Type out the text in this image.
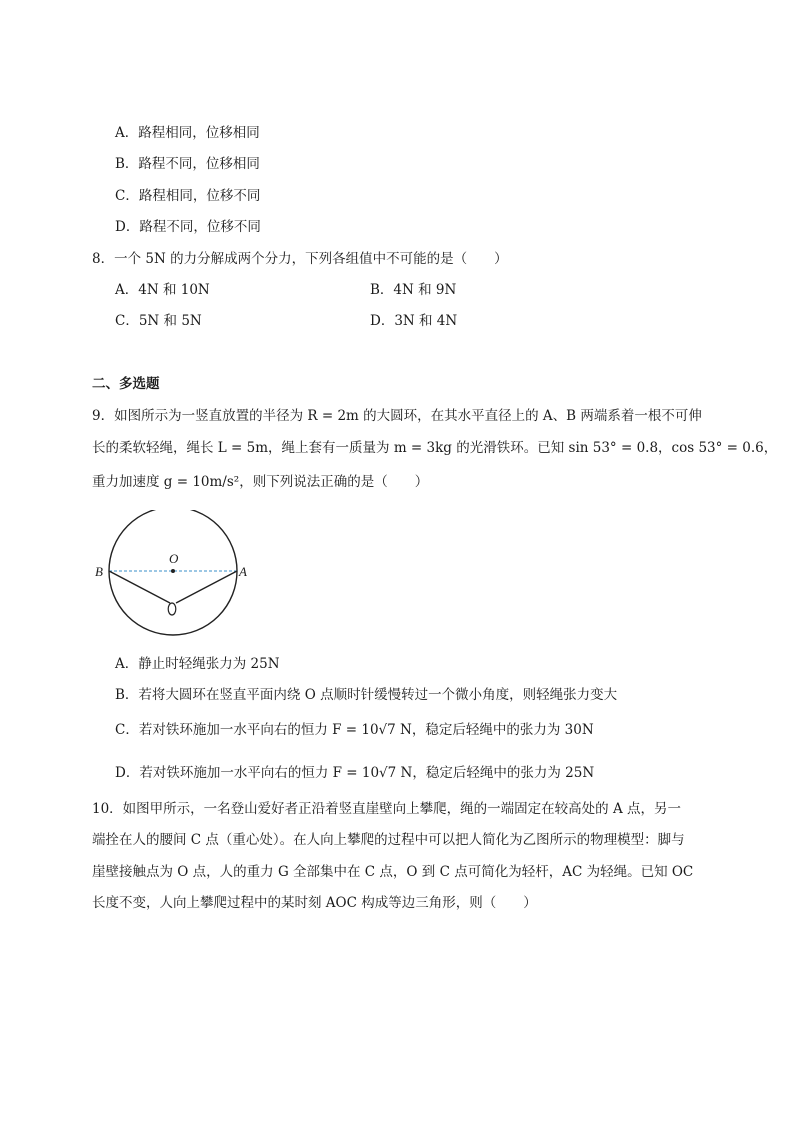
A．路程相同，位移相同
B．路程不同，位移相同
C．路程相同，位移不同
D．路程不同，位移不同
8．一个 5N 的力分解成两个分力，下列各组值中不可能的是（　　）
A．4N 和 10N	B．4N 和 9N
C．5N 和 5N	D．3N 和 4N
二、多选题
9．如图所示为一竖直放置的半径为 R = 2m 的大圆环，在其水平直径上的 A、B 两端系着一根不可伸
长的柔软轻绳，绳长 L = 5m，绳上套有一质量为 m = 3kg 的光滑铁环。已知 sin 53° = 0.8，cos 53° = 0.6，
重力加速度 g = 10m/s²，则下列说法正确的是（　　）
O
B	A
A．静止时轻绳张力为 25N
B．若将大圆环在竖直平面内绕 O 点顺时针缓慢转过一个微小角度，则轻绳张力变大
C．若对铁环施加一水平向右的恒力 F = 10√7 N，稳定后轻绳中的张力为 30N
D．若对铁环施加一水平向右的恒力 F = 10√7 N，稳定后轻绳中的张力为 25N
10．如图甲所示，一名登山爱好者正沿着竖直崖壁向上攀爬，绳的一端固定在较高处的 A 点，另一
端拴在人的腰间 C 点（重心处）。在人向上攀爬的过程中可以把人简化为乙图所示的物理模型：脚与
崖壁接触点为 O 点，人的重力 G 全部集中在 C 点，O 到 C 点可简化为轻杆，AC 为轻绳。已知 OC
长度不变，人向上攀爬过程中的某时刻 AOC 构成等边三角形，则（　　）
